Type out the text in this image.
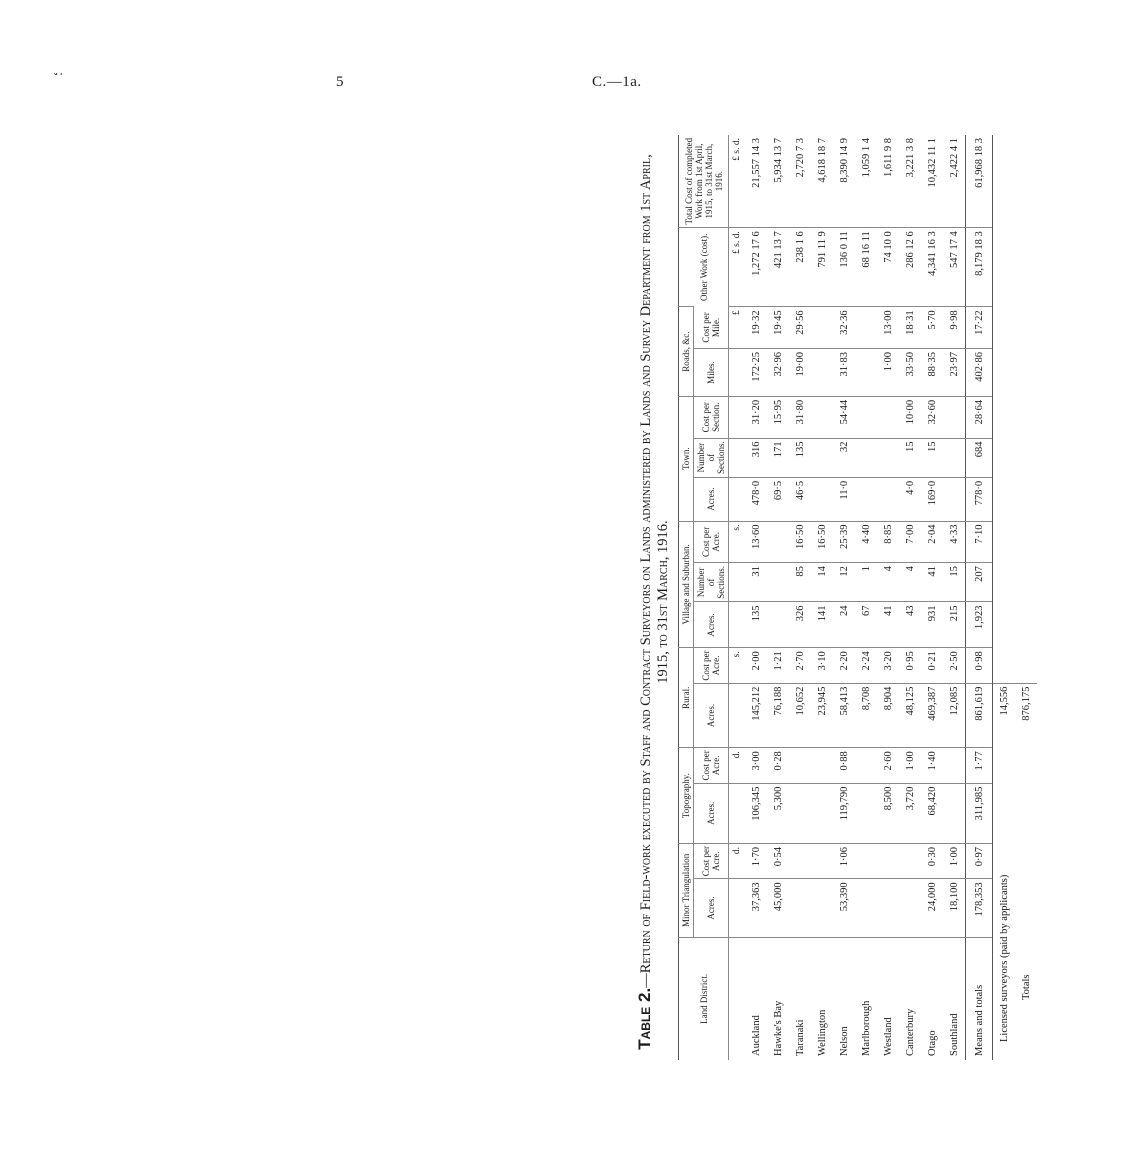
;	5	C.—1a.
Table 2.—Return of Field-work executed by Staff and Contract Surveyors on Lands administered by Lands and Survey Department from 1st April,
1915, to 31st March, 1916.
Land District.	Minor Triangulation		Topography.		Rural.		Village and Suburban.			Town.			Roads, &c.		Other Work (cost).	Total Cost of completed Work from 1st April, 1915, to 31st March, 1916.
	Acres.	Cost per Acre.	Acres.	Cost per Acre.	Acres.	Cost per Acre.	Acres.	Number of Sections.	Cost per Acre.	Acres.	Number of Sections.	Cost per Section.	Miles.	Cost per Mile.		
		d.		d.		s.			s.					£	£ s. d.	£ s. d.
Auckland	37,363	1·70	106,345	3·00	145,212	2·00	135	31	13·60	478·0	316	31·20	172·25	19·32	1,272 17 6	21,557 14 3
Hawke's Bay	45,000	0·54	5,300	0·28	76,188	1·21				69·5	171	15·95	32·96	19·45	421 13 7	5,934 13 7
Taranaki					10,652	2·70	326	85	16·50	46·5	135	31·80	19·00	29·56	238 1 6	2,720 7 3
Wellington					23,945	3·10	141	14	16·50						791 11 9	4,618 18 7
Nelson	53,390	1·06	119,790	0·88	58,413	2·20	24	12	25·39	11·0	32	54·44	31·83	32·36	136 0 11	8,390 14 9
Marlborough					8,708	2·24	67	1	4·40						68 16 11	1,059 1 4
Westland			8,500	2·60	8,904	3·20	41	4	8·85				1·00	13·00	74 10 0	1,611 9 8
Canterbury			3,720	1·00	48,125	0·95	43	4	7·00	4·0	15	10·00	33·50	18·31	286 12 6	3,221 3 8
Otago	24,000	0·30	68,420	1·40	469,387	0·21	931	41	2·04	169·0	15	32·60	88·35	5·70	4,341 16 3	10,432 11 1
Southland	18,100	1·00			12,085	2·50	215	15	4·33				23·97	9·98	547 17 4	2,422 4 1
Means and totals	178,353	0·97	311,985	1·77	861,619	0·98	1,923	207	7·10	778·0	684	28·64	402·86	17·22	8,179 18 3	61,968 18 3
Licensed surveyors (paid by applicants)					14,556											
Totals					876,175											
